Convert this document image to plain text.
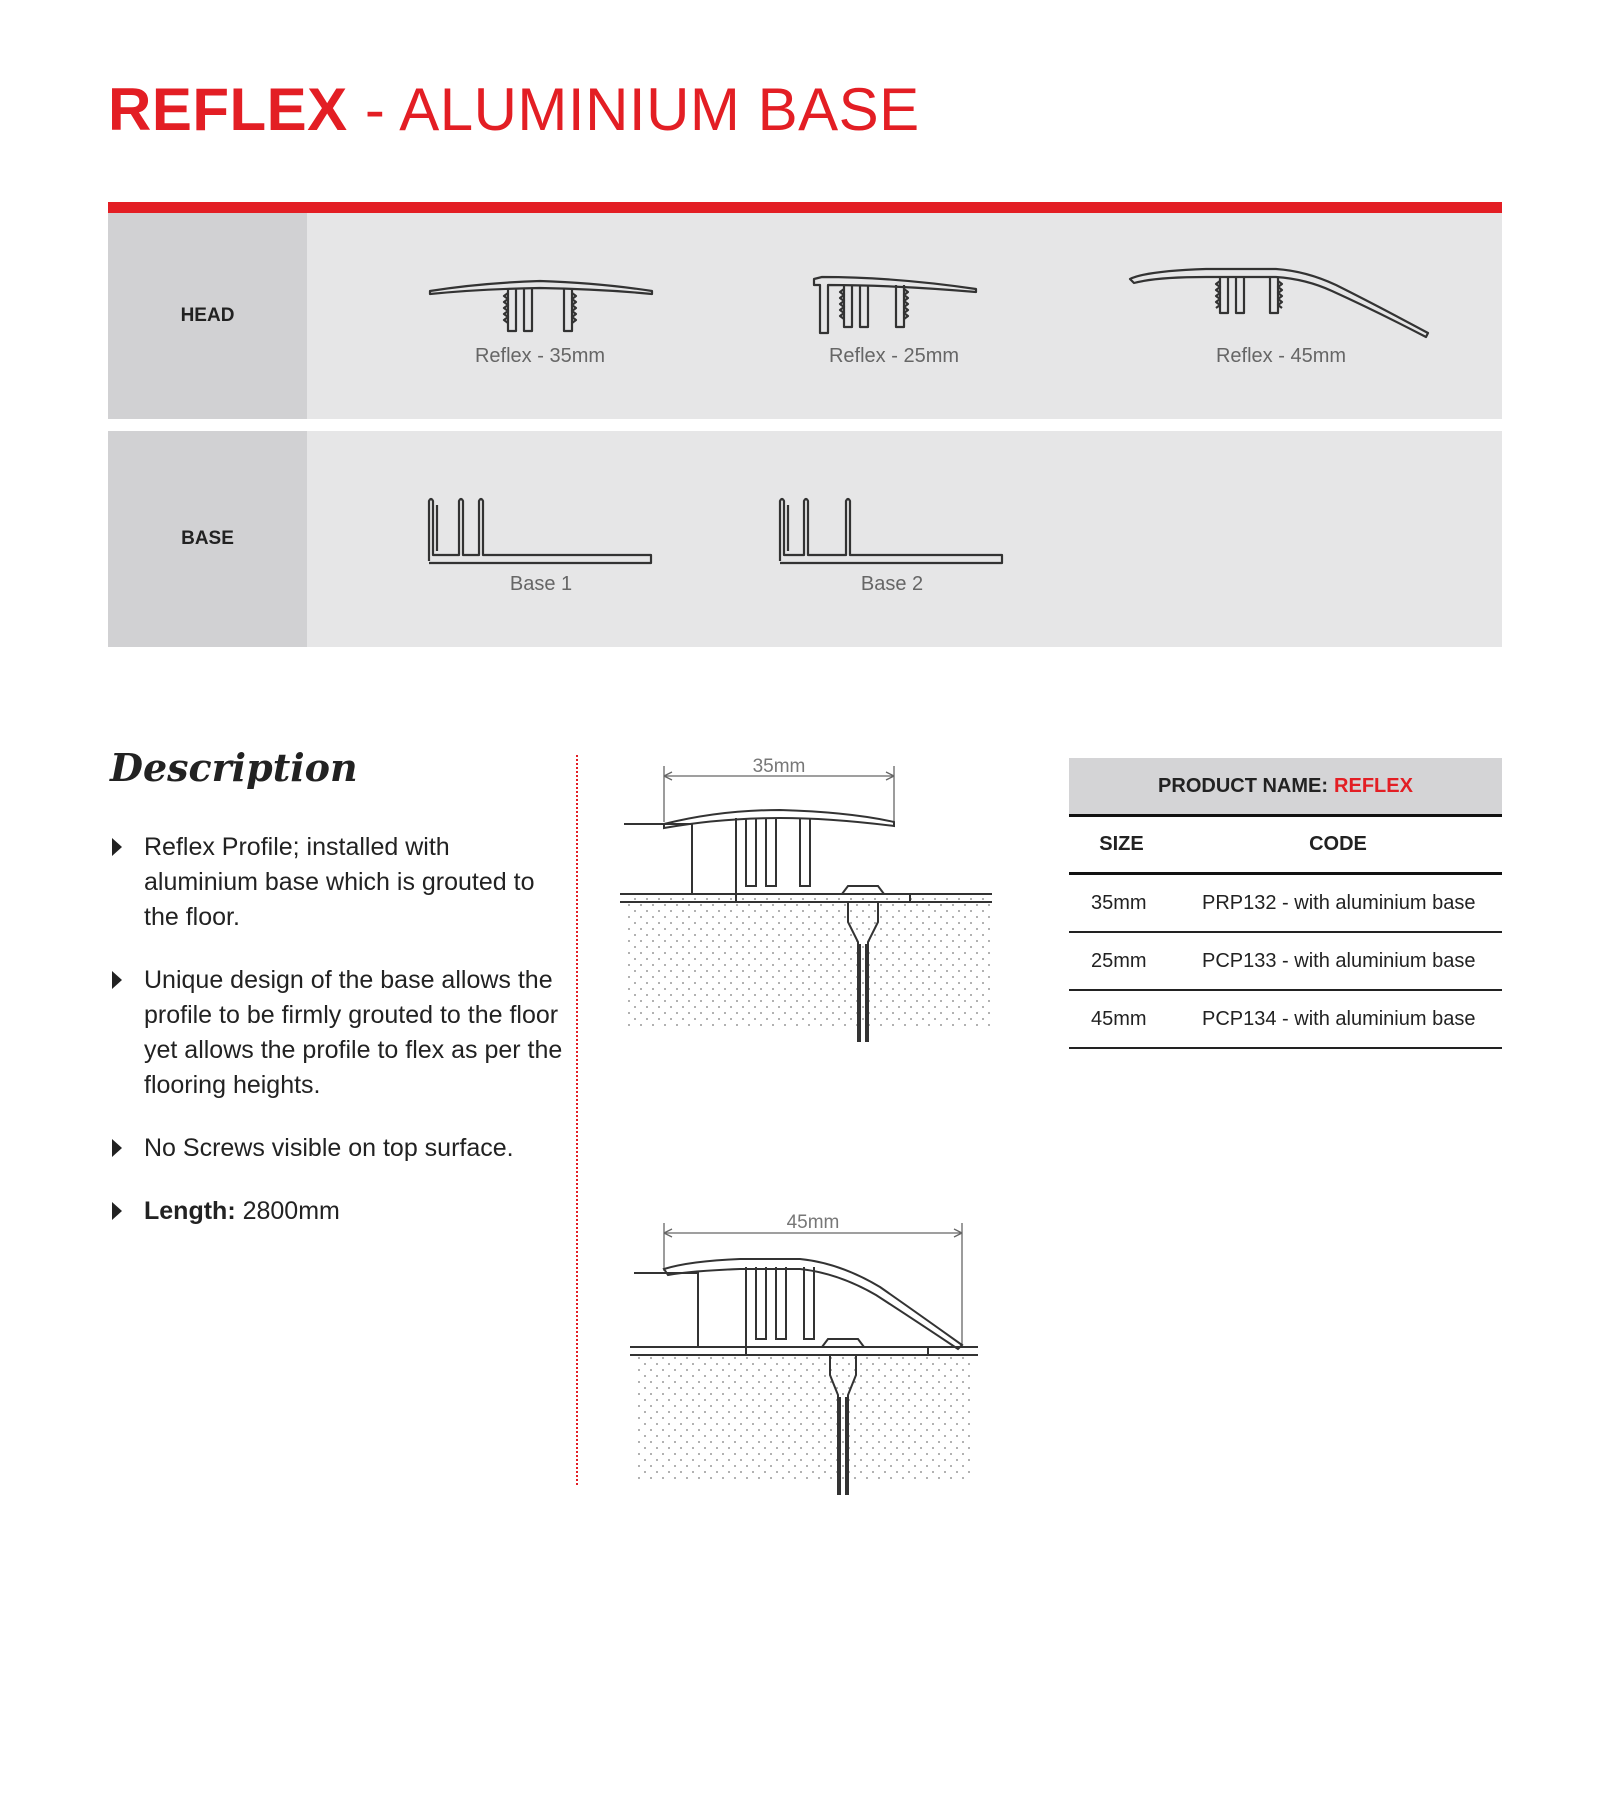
REFLEX - ALUMINIUM BASE
HEAD
Reflex - 35mm	Reflex - 25mm	Reflex - 45mm
BASE
Base 1	Base 2
Description
Reflex Profile; installed with aluminium base which is grouted to the floor.
Unique design of the base allows the profile to be firmly grouted to the floor yet allows the profile to flex as per the flooring heights.
No Screws visible on top surface.
Length: 2800mm
35mm
45mm
PRODUCT NAME: REFLEX
SIZE	CODE
35mm	PRP132 - with aluminium base
25mm	PCP133 - with aluminium base
45mm	PCP134 - with aluminium base
